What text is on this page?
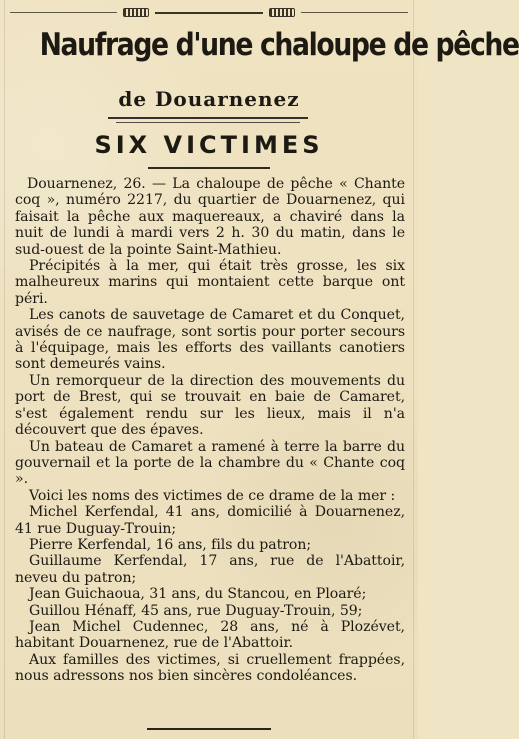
Naufrage d'une chaloupe de pêche
de Douarnenez
SIX VICTIMES

Douarnenez, 26. — La chaloupe de pêche « Chante coq », numéro 2217, du quartier de Douarnenez, qui faisait la pêche aux maquereaux, a chaviré dans la nuit de lundi à mardi vers 2 h. 30 du matin, dans le sud-ouest de la pointe Saint-Mathieu.

Précipités à la mer, qui était très grosse, les six malheureux marins qui montaient cette barque ont péri.

Les canots de sauvetage de Camaret et du Conquet, avisés de ce naufrage, sont sortis pour porter secours à l'équipage, mais les efforts des vaillants canotiers sont demeurés vains.

Un remorqueur de la direction des mouvements du port de Brest, qui se trouvait en baie de Camaret, s'est également rendu sur les lieux, mais il n'a découvert que des épaves.

Un bateau de Camaret a ramené à terre la barre du gouvernail et la porte de la chambre du « Chante coq ».

Voici les noms des victimes de ce drame de la mer :

Michel Kerfendal, 41 ans, domicilié à Douarnenez, 41 rue Duguay-Trouin;

Pierre Kerfendal, 16 ans, fils du patron;

Guillaume Kerfendal, 17 ans, rue de l'Abattoir, neveu du patron;

Jean Guichaoua, 31 ans, du Stancou, en Ploaré;

Guillou Hénaff, 45 ans, rue Duguay-Trouin, 59;

Jean Michel Cudennec, 28 ans, né à Plozévet, habitant Douarnenez, rue de l'Abattoir.

Aux familles des victimes, si cruellement frappées, nous adressons nos bien sincères condoléances.
